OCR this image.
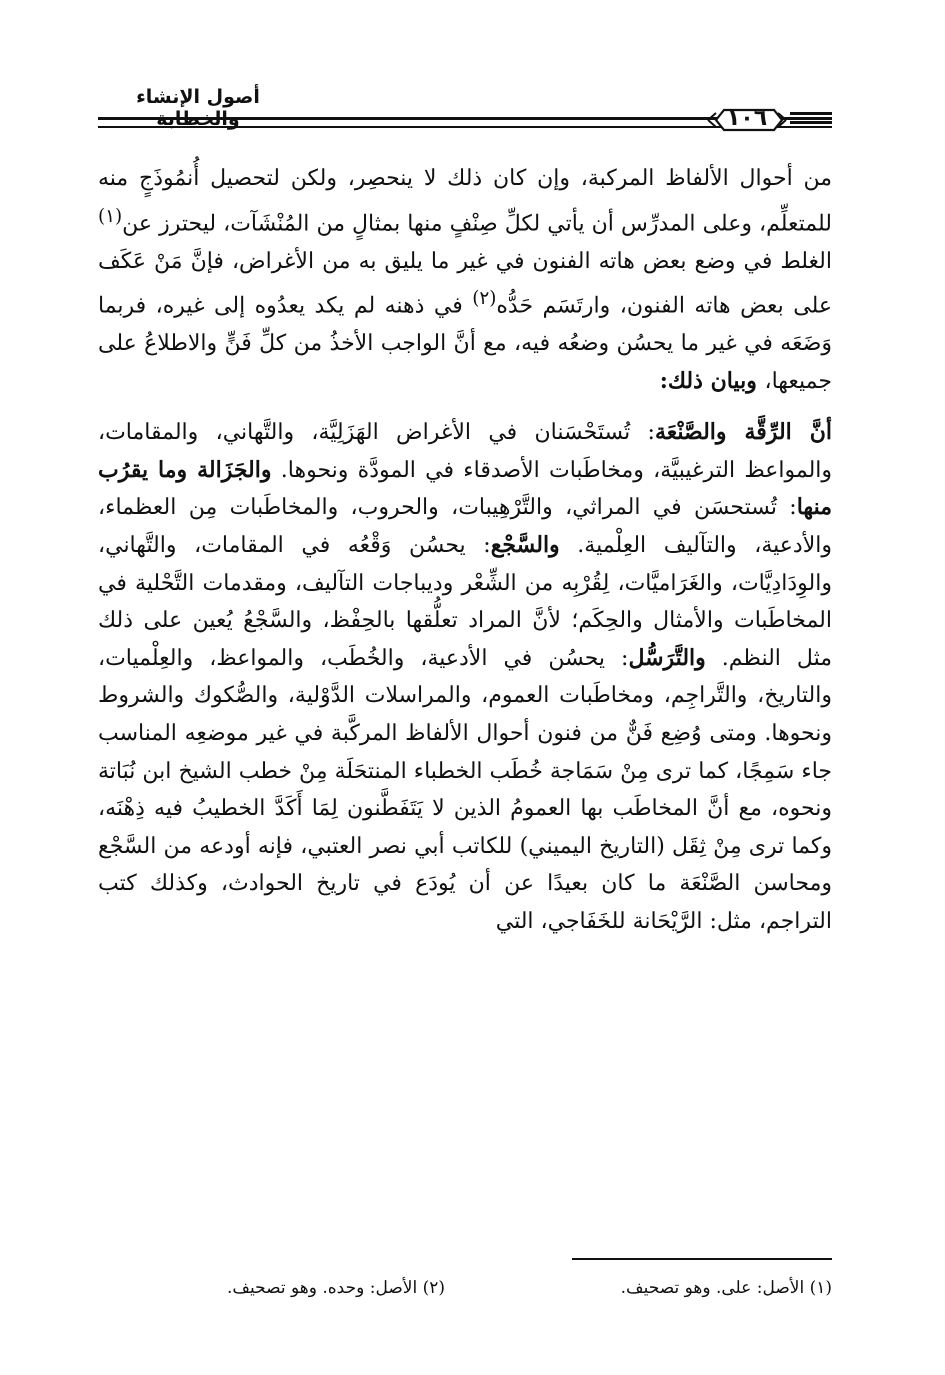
أصول الإنشاء
١٠٦

من أحوال الألفاظ المركبة، وإن كان ذلك لا ينحصِر، ولكن لتحصيل أُنمُوذَجٍ منه للمتعلِّم، وعلى المدرِّس أن يأتي لكلِّ صِنْفٍ منها بمثالٍ من المُنْشَآت، ليحترز عن$^{(١)}$ الغلط في وضع بعض هاته الفنون في غير ما يليق به من الأغراض، فإنَّ مَنْ عَكَف على بعض هاته الفنون، وارتَسَم حَدُّه$^{(٢)}$ في ذهنه لم يكد يعدُوه إلى غيره، فربما وَضَعَه في غير ما يحسُن وضعُه فيه، مع أنَّ الواجب الأخذُ من كلِّ فَنٍّ والاطلاعُ على جميعها، وبيان ذلك:

أنَّ الرِّقَّة والصَّنْعَة: تُستَحْسَنان في الأغراض الهَزَلِيَّة، والتَّهاني، والمقامات، والمواعظ الترغيبيَّة، ومخاطَبات الأصدقاء في المودَّة ونحوها. والجَزَالة وما يقرُب منها: تُستحسَن في المراثي، والتَّرْهِيبات، والحروب، والمخاطَبات مِن العظماء، والأدعية، والتآليف العِلْمية. والسَّجْع: يحسُن وَقْعُه في المقامات، والتَّهاني، والوِدَادِيَّات، والغَرَاميَّات، لِقُرْبِه من الشِّعْر وديباجات التآليف، ومقدمات التَّحْلية في المخاطَبات والأمثال والحِكَم؛ لأنَّ المراد تعلُّقها بالحِفْظ، والسَّجْعُ يُعين على ذلك مثل النظم. والتَّرَسُّل: يحسُن في الأدعية، والخُطَب، والمواعظ، والعِلْميات، والتاريخ، والتَّراجِم، ومخاطَبات العموم، والمراسلات الدَّوْلية، والصُّكوك والشروط ونحوها. ومتى وُضِع فَنٌّ من فنون أحوال الألفاظ المركَّبة في غير موضعِه المناسب جاء سَمِجًا، كما ترى مِنْ سَمَاجة خُطَب الخطباء المنتحَلَة مِنْ خطب الشيخ ابن نُبَاتة ونحوه، مع أنَّ المخاطَب بها العمومُ الذين لا يَتَفَطَّنون لِمَا أَكَدَّ الخطيبُ فيه ذِهْنَه، وكما ترى مِنْ ثِقَل (التاريخ اليميني) للكاتب أبي نصر العتبي، فإنه أودعه من السَّجْع ومحاسن الصَّنْعَة ما كان بعيدًا عن أن يُودَع في تاريخ الحوادث، وكذلك كتب التراجم، مثل: الرَّيْحَانة للخَفَاجي، التي

(١) الأصل: على. وهو تصحيف.
(٢) الأصل: وحده. وهو تصحيف.
